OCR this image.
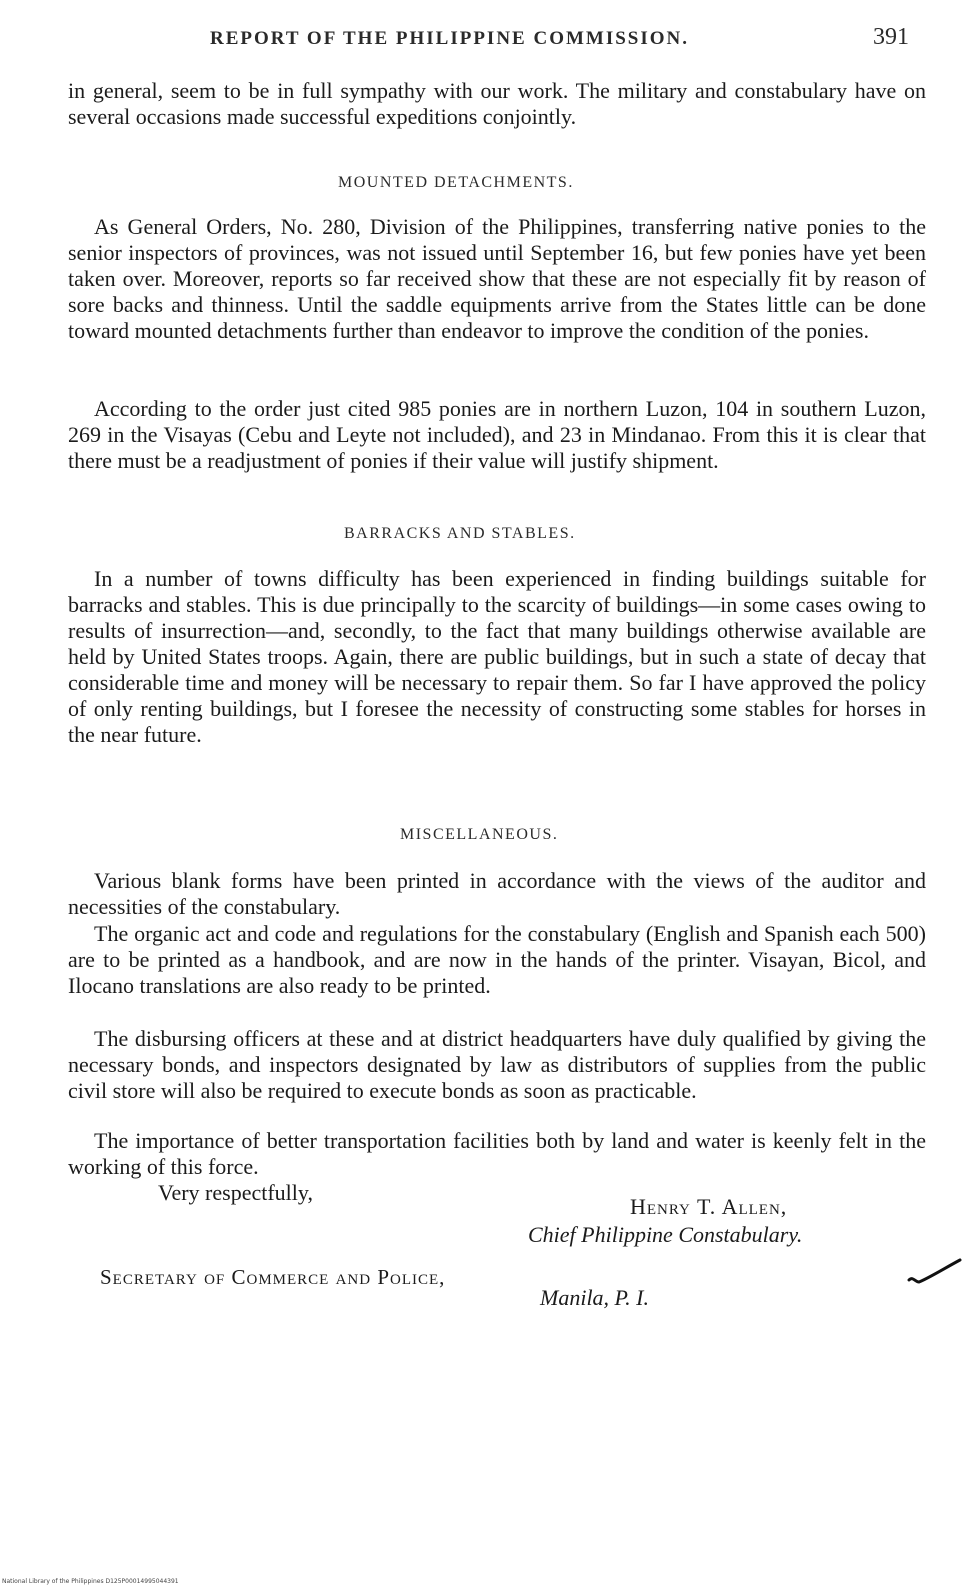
REPORT OF THE PHILIPPINE COMMISSION.	391

in general, seem to be in full sympathy with our work. The military and constabulary have on several occasions made successful expeditions conjointly.

MOUNTED DETACHMENTS.

As General Orders, No. 280, Division of the Philippines, transferring native ponies to the senior inspectors of provinces, was not issued until September 16, but few ponies have yet been taken over. Moreover, reports so far received show that these are not especially fit by reason of sore backs and thinness. Until the saddle equipments arrive from the States little can be done toward mounted detachments further than endeavor to improve the condition of the ponies.

According to the order just cited 985 ponies are in northern Luzon, 104 in southern Luzon, 269 in the Visayas (Cebu and Leyte not included), and 23 in Mindanao. From this it is clear that there must be a readjustment of ponies if their value will justify shipment.

BARRACKS AND STABLES.

In a number of towns difficulty has been experienced in finding buildings suitable for barracks and stables. This is due principally to the scarcity of buildings—in some cases owing to results of insurrection—and, secondly, to the fact that many buildings otherwise available are held by United States troops. Again, there are public buildings, but in such a state of decay that considerable time and money will be necessary to repair them. So far I have approved the policy of only renting buildings, but I foresee the necessity of constructing some stables for horses in the near future.

MISCELLANEOUS.

Various blank forms have been printed in accordance with the views of the auditor and necessities of the constabulary.

The organic act and code and regulations for the constabulary (English and Spanish each 500) are to be printed as a handbook, and are now in the hands of the printer. Visayan, Bicol, and Ilocano translations are also ready to be printed.

The disbursing officers at these and at district headquarters have duly qualified by giving the necessary bonds, and inspectors designated by law as distributors of supplies from the public civil store will also be required to execute bonds as soon as practicable.

The importance of better transportation facilities both by land and water is keenly felt in the working of this force.

Very respectfully,
Henry T. Allen,
Chief Philippine Constabulary.
Secretary of Commerce and Police,
Manila, P. I.
National Library of the Philippines D125P00014995044391
